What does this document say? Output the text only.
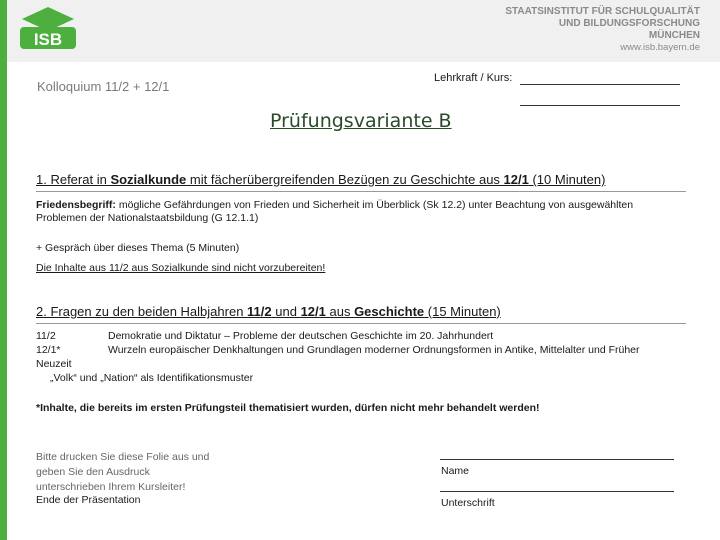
ISB
STAATSINSTITUT FÜR SCHULQUALITÄT
UND BILDUNGSFORSCHUNG
MÜNCHEN
www.isb.bayern.de
Kolloquium 11/2 + 12/1
Lehrkraft / Kurs:
Prüfungsvariante B
1. Referat in Sozialkunde mit fächerübergreifenden Bezügen zu Geschichte aus 12/1 (10 Minuten)
Friedensbegriff: mögliche Gefährdungen von Frieden und Sicherheit im Überblick (Sk 12.2) unter Beachtung von ausgewählten
Problemen der Nationalstaatsbildung (G 12.1.1)
+ Gespräch über dieses Thema (5 Minuten)
Die Inhalte aus 11/2 aus Sozialkunde sind nicht vorzubereiten!
2. Fragen zu den beiden Halbjahren 11/2 und 12/1 aus Geschichte (15 Minuten)
11/2	Demokratie und Diktatur – Probleme der deutschen Geschichte im 20. Jahrhundert
12/1*	Wurzeln europäischer Denkhaltungen und Grundlagen moderner Ordnungsformen in Antike, Mittelalter und Früher
Neuzeit
„Volk“ und „Nation“ als Identifikationsmuster
*Inhalte, die bereits im ersten Prüfungsteil thematisiert wurden, dürfen nicht mehr behandelt werden!
Bitte drucken Sie diese Folie aus und
geben Sie den Ausdruck
unterschrieben Ihrem Kursleiter!
Ende der Präsentation
Name
Unterschrift
